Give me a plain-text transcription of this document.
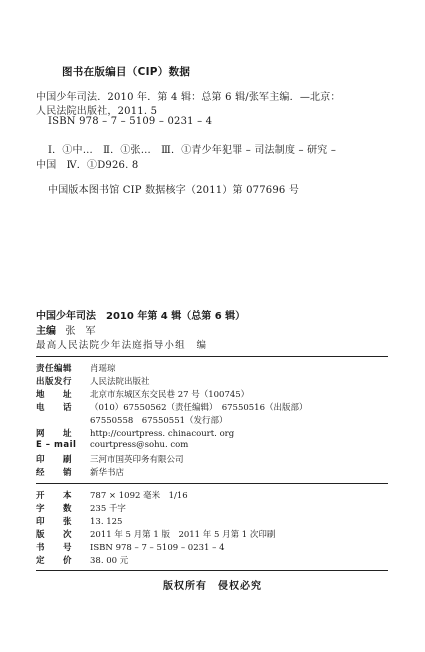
图书在版编目（CIP）数据
中国少年司法．2010 年．第 4 辑：总第 6 辑/张军主编．—北京：
人民法院出版社，2011. 5
ISBN 978 – 7 – 5109 – 0231 – 4
Ⅰ．①中…　Ⅱ．①张…　Ⅲ．①青少年犯罪 – 司法制度 – 研究 –
中国　Ⅳ．①D926. 8
中国版本图书馆 CIP 数据核字（2011）第 077696 号
中国少年司法　2010 年第 4 辑（总第 6 辑）
主编 张　军
最高人民法院少年法庭指导小组　编
责任编辑 肖瑶琼
出版发行 人民法院出版社
地　　址 北京市东城区东交民巷 27 号（100745）
电　　话 （010）67550562（责任编辑）　67550516（出版部）
67550558　67550551（发行部）
网　　址 http://courtpress. chinacourt. org
E – mail courtpress@sohu. com
印　　刷 三河市国英印务有限公司
经　　销 新华书店
开　　本 787 × 1092 毫米　1/16
字　　数 235 千字
印　　张 13. 125
版　　次 2011 年 5 月第 1 版　2011 年 5 月第 1 次印刷
书　　号 ISBN 978 – 7 – 5109 – 0231 – 4
定　　价 38. 00 元
版权所有　侵权必究
